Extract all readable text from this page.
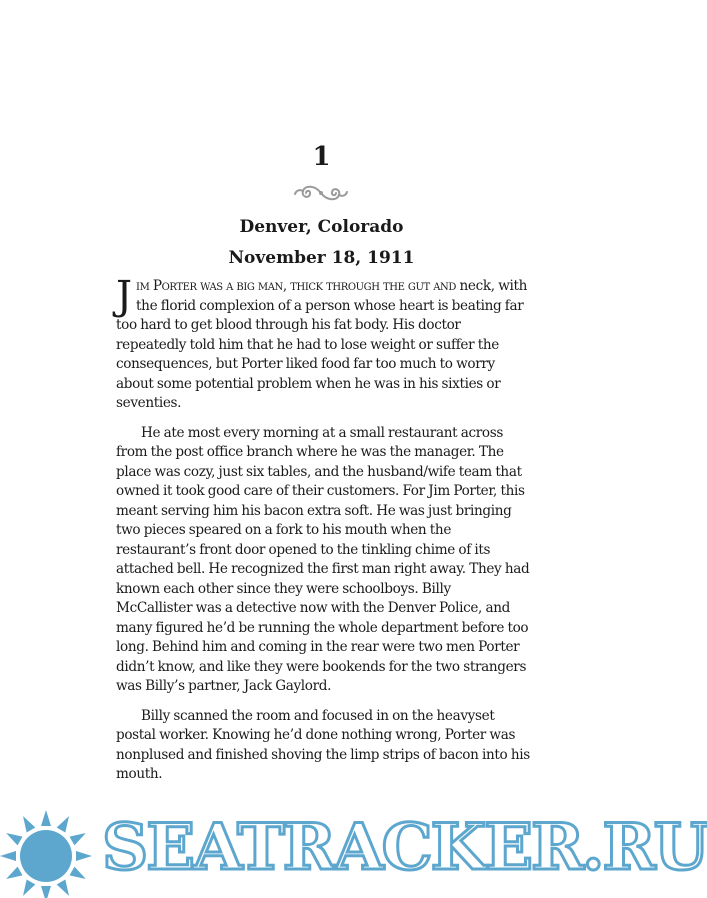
1
Denver, Colorado
November 18, 1911

Jim Porter was a big man, thick through the gut and neck, with the florid complexion of a person whose heart is beating far too hard to get blood through his fat body. His doctor repeatedly told him that he had to lose weight or suffer the consequences, but Porter liked food far too much to worry about some potential problem when he was in his sixties or seventies.

He ate most every morning at a small restaurant across from the post office branch where he was the manager. The place was cozy, just six tables, and the husband/wife team that owned it took good care of their customers. For Jim Porter, this meant serving him his bacon extra soft. He was just bringing two pieces speared on a fork to his mouth when the restaurant’s front door opened to the tinkling chime of its attached bell. He recognized the first man right away. They had known each other since they were schoolboys. Billy McCallister was a detective now with the Denver Police, and many figured he’d be running the whole department before too long. Behind him and coming in the rear were two men Porter didn’t know, and like they were bookends for the two strangers was Billy’s partner, Jack Gaylord.

Billy scanned the room and focused in on the heavyset postal worker. Knowing he’d done nothing wrong, Porter was nonplused and finished shoving the limp strips of bacon into his mouth.

SEATRACKER.RU
